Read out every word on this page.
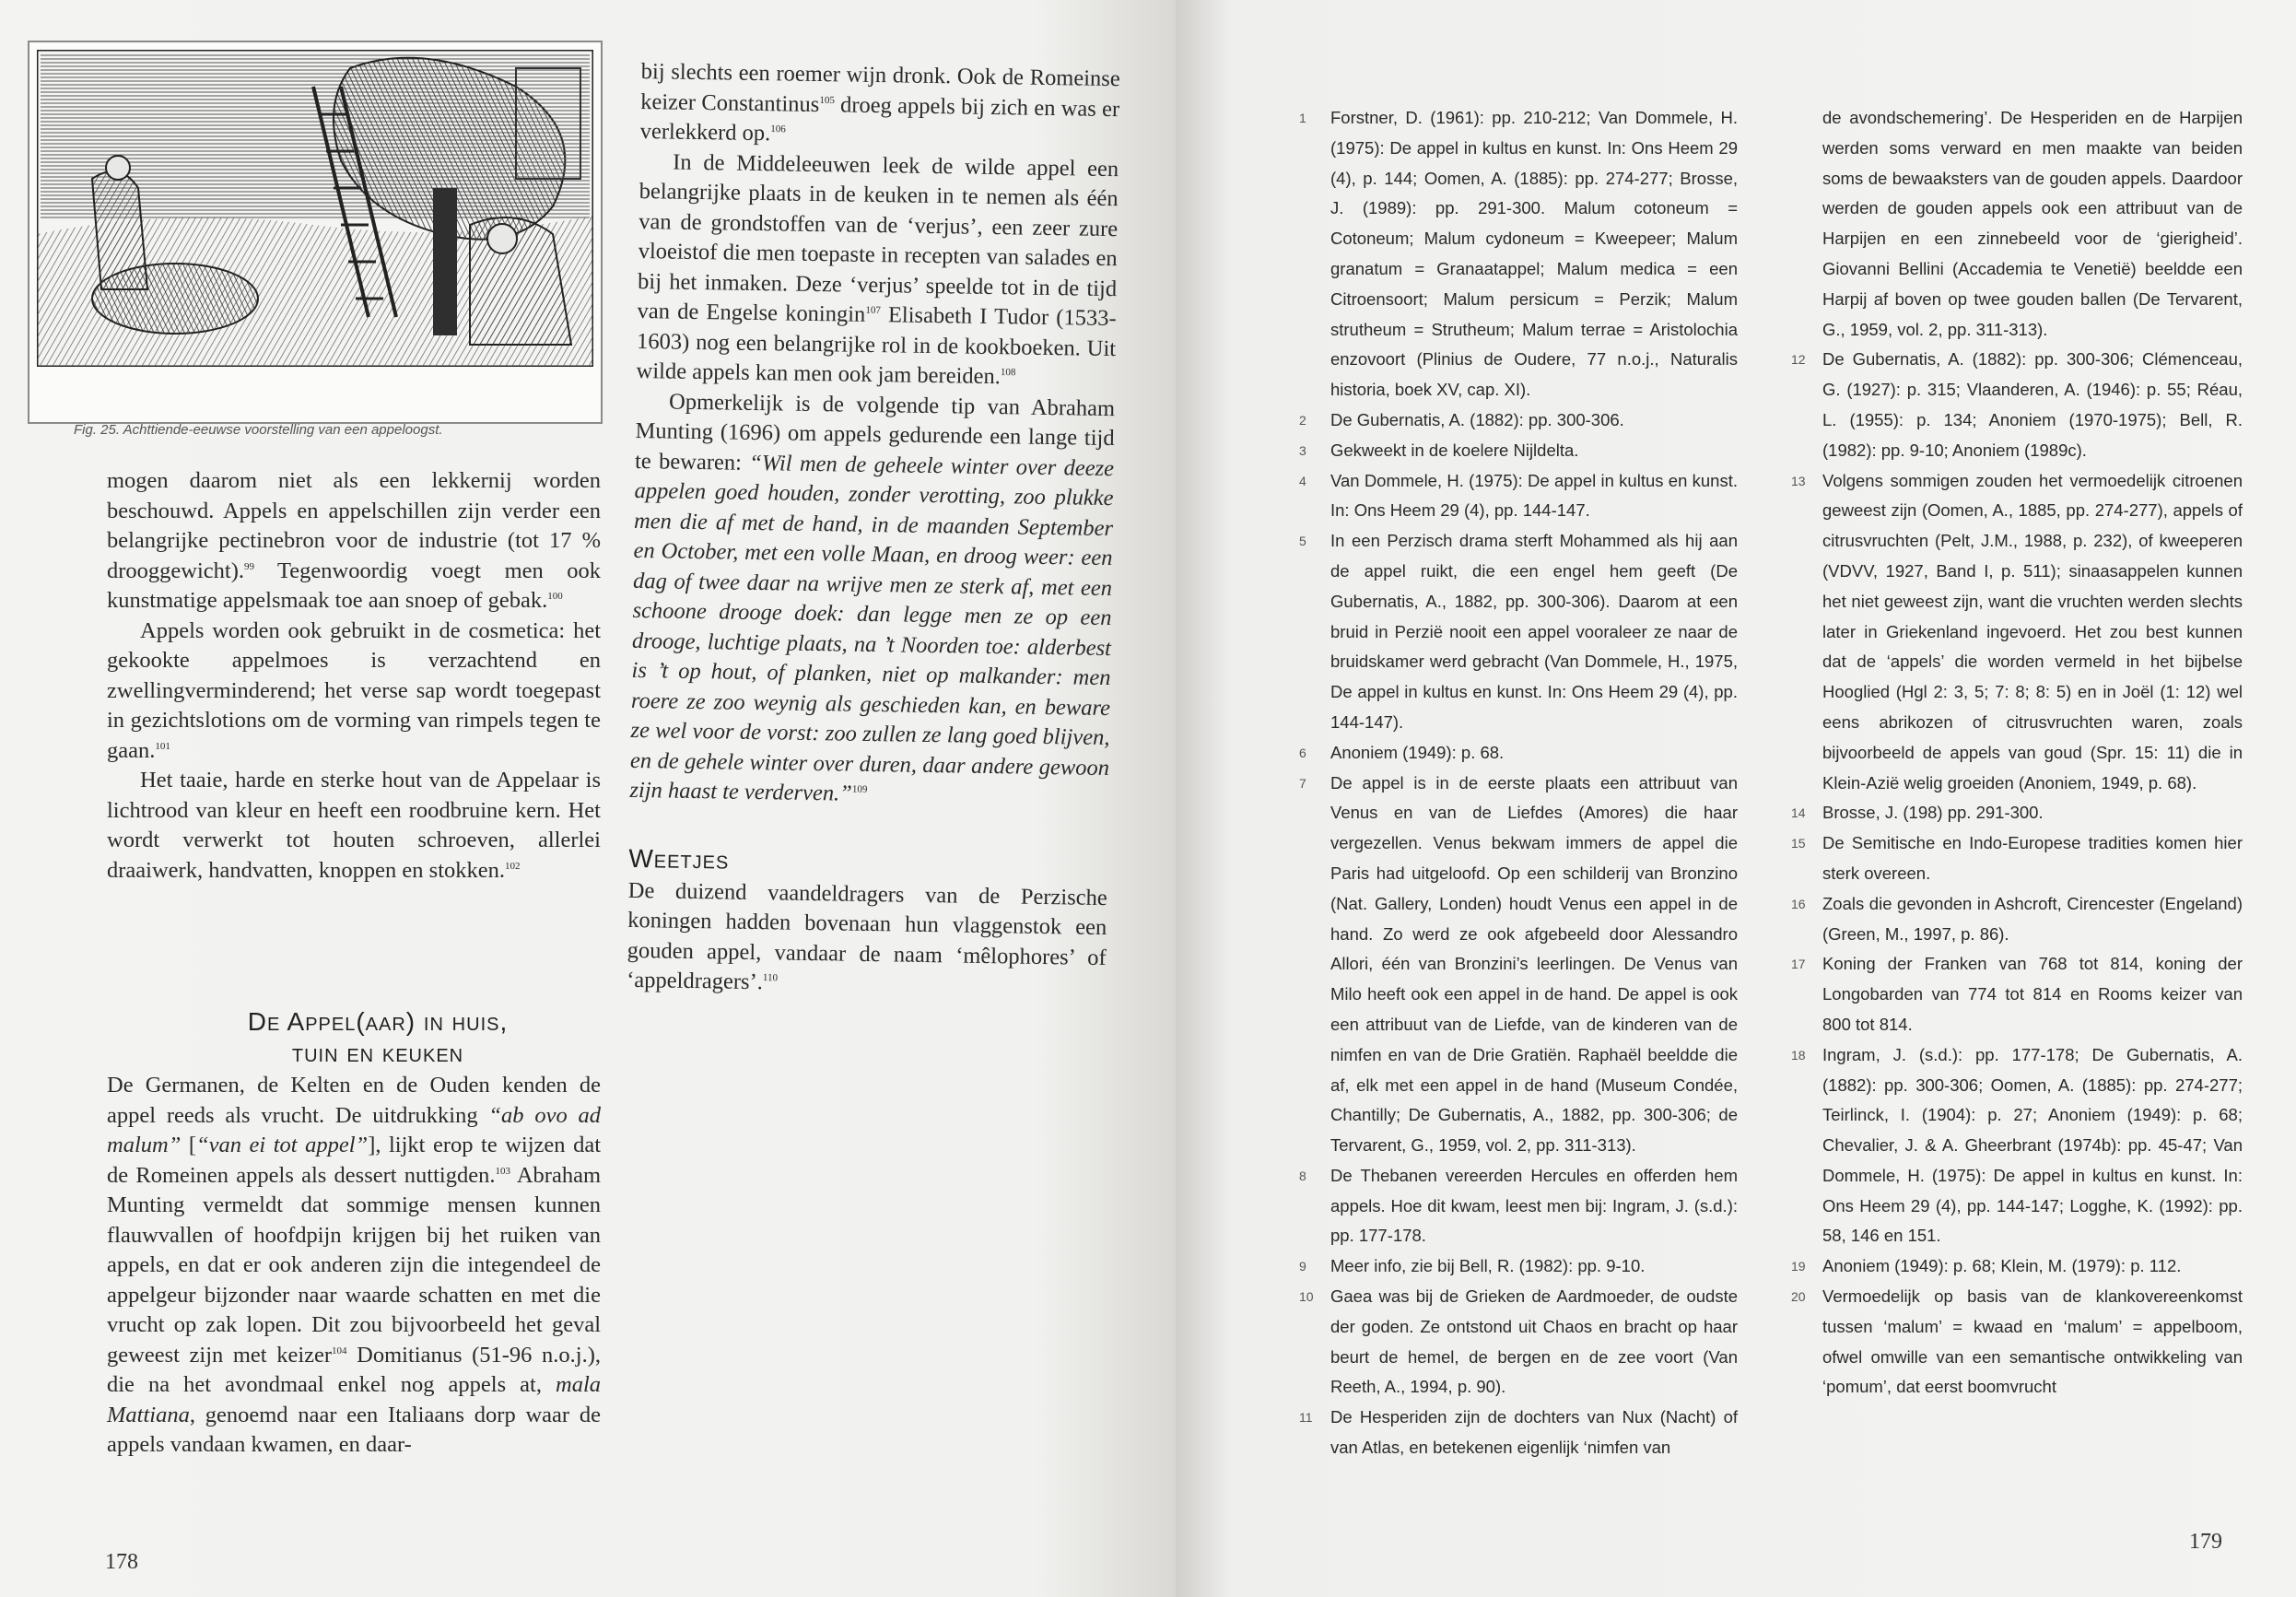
Fig. 25. Achttiende-eeuwse voorstelling van een appeloogst.

mogen daarom niet als een lekkernij worden beschouwd. Appels en appelschillen zijn verder een belangrijke pectinebron voor de industrie (tot 17 % drooggewicht).$^{99}$ Tegenwoordig voegt men ook kunstmatige appelsmaak toe aan snoep of gebak.$^{100}$

Appels worden ook gebruikt in de cosmetica: het gekookte appelmoes is verzachtend en zwellingverminderend; het verse sap wordt toegepast in gezichtslotions om de vorming van rimpels tegen te gaan.$^{101}$

Het taaie, harde en sterke hout van de Appelaar is lichtrood van kleur en heeft een roodbruine kern. Het wordt verwerkt tot houten schroeven, allerlei draaiwerk, handvatten, knoppen en stokken.$^{102}$

De Appel(aar) in huis,
tuin en keuken

De Germanen, de Kelten en de Ouden kenden de appel reeds als vrucht. De uitdrukking “ab ovo ad malum” [“van ei tot appel”], lijkt erop te wijzen dat de Romeinen appels als dessert nuttigden.$^{103}$ Abraham Munting vermeldt dat sommige mensen kunnen flauwvallen of hoofdpijn krijgen bij het ruiken van appels, en dat er ook anderen zijn die integendeel de appelgeur bijzonder naar waarde schatten en met die vrucht op zak lopen. Dit zou bijvoorbeeld het geval geweest zijn met keizer$^{104}$ Domitianus (51-96 n.o.j.), die na het avondmaal enkel nog appels at, mala Mattiana, genoemd naar een Italiaans dorp waar de appels vandaan kwamen, en daar-

bij slechts een roemer wijn dronk. Ook de Romeinse keizer Constantinus$^{105}$ droeg appels bij zich en was er verlekkerd op.$^{106}$

In de Middeleeuwen leek de wilde appel een belangrijke plaats in de keuken in te nemen als één van de grondstoffen van de ‘verjus’, een zeer zure vloeistof die men toepaste in recepten van salades en bij het inmaken. Deze ‘verjus’ speelde tot in de tijd van de Engelse koningin$^{107}$ Elisabeth I Tudor (1533-1603) nog een belangrijke rol in de kookboeken. Uit wilde appels kan men ook jam bereiden.$^{108}$

Opmerkelijk is de volgende tip van Abraham Munting (1696) om appels gedurende een lange tijd te bewaren: “Wil men de geheele winter over deeze appelen goed houden, zonder verotting, zoo plukke men die af met de hand, in de maanden September en October, met een volle Maan, en droog weer: een dag of twee daar na wrijve men ze sterk af, met een schoone drooge doek: dan legge men ze op een drooge, luchtige plaats, na ’t Noorden toe: alderbest is ’t op hout, of planken, niet op malkander: men roere ze zoo weynig als geschieden kan, en beware ze wel voor de vorst: zoo zullen ze lang goed blijven, en de gehele winter over duren, daar andere gewoon zijn haast te verderven.”$^{109}$

Weetjes

De duizend vaandeldragers van de Perzische koningen hadden bovenaan hun vlaggenstok een gouden appel, vandaar de naam ‘mêlophores’ of ‘appeldragers’.$^{110}$

178
1	Forstner, D. (1961): pp. 210-212; Van Dommele, H. (1975): De appel in kultus en kunst. In: Ons Heem 29 (4), p. 144; Oomen, A. (1885): pp. 274-277; Brosse, J. (1989): pp. 291-300. Malum cotoneum = Cotoneum; Malum cydoneum = Kweepeer; Malum granatum = Granaatappel; Malum medica = een Citroensoort; Malum persicum = Perzik; Malum strutheum = Strutheum; Malum terrae = Aristolochia enzovoort (Plinius de Oudere, 77 n.o.j., Naturalis historia, boek XV, cap. XI).
2	De Gubernatis, A. (1882): pp. 300-306.
3	Gekweekt in de koelere Nijldelta.
4	Van Dommele, H. (1975): De appel in kultus en kunst. In: Ons Heem 29 (4), pp. 144-147.
5	In een Perzisch drama sterft Mohammed als hij aan de appel ruikt, die een engel hem geeft (De Gubernatis, A., 1882, pp. 300-306). Daarom at een bruid in Perzië nooit een appel vooraleer ze naar de bruidskamer werd gebracht (Van Dommele, H., 1975, De appel in kultus en kunst. In: Ons Heem 29 (4), pp. 144-147).
6	Anoniem (1949): p. 68.
7	De appel is in de eerste plaats een attribuut van Venus en van de Liefdes (Amores) die haar vergezellen. Venus bekwam immers de appel die Paris had uitgeloofd. Op een schilderij van Bronzino (Nat. Gallery, Londen) houdt Venus een appel in de hand. Zo werd ze ook afgebeeld door Alessandro Allori, één van Bronzini’s leerlingen. De Venus van Milo heeft ook een appel in de hand. De appel is ook een attribuut van de Liefde, van de kinderen van de nimfen en van de Drie Gratiën. Raphaël beeldde die af, elk met een appel in de hand (Museum Condée, Chantilly; De Gubernatis, A., 1882, pp. 300-306; de Tervarent, G., 1959, vol. 2, pp. 311-313).
8	De Thebanen vereerden Hercules en offerden hem appels. Hoe dit kwam, leest men bij: Ingram, J. (s.d.): pp. 177-178.
9	Meer info, zie bij Bell, R. (1982): pp. 9-10.
10 Gaea was bij de Grieken de Aardmoeder, de oudste der goden. Ze ontstond uit Chaos en bracht op haar beurt de hemel, de bergen en de zee voort (Van Reeth, A., 1994, p. 90).
11	De Hesperiden zijn de dochters van Nux (Nacht) of van Atlas, en betekenen eigenlijk ‘nimfen van
de avondschemering’. De Hesperiden en de Harpijen werden soms verward en men maakte van beiden soms de bewaaksters van de gouden appels. Daardoor werden de gouden appels ook een attribuut van de Harpijen en een zinnebeeld voor de ‘gierigheid’. Giovanni Bellini (Accademia te Venetië) beeldde een Harpij af boven op twee gouden ballen (De Tervarent, G., 1959, vol. 2, pp. 311-313).
12 De Gubernatis, A. (1882): pp. 300-306; Clémenceau, G. (1927): p. 315; Vlaanderen, A. (1946): p. 55; Réau, L. (1955): p. 134; Anoniem (1970-1975); Bell, R. (1982): pp. 9-10; Anoniem (1989c).
13 Volgens sommigen zouden het vermoedelijk citroenen geweest zijn (Oomen, A., 1885, pp. 274-277), appels of citrusvruchten (Pelt, J.M., 1988, p. 232), of kweeperen (VDVV, 1927, Band I, p. 511); sinaasappelen kunnen het niet geweest zijn, want die vruchten werden slechts later in Griekenland ingevoerd. Het zou best kunnen dat de ‘appels’ die worden vermeld in het bijbelse Hooglied (Hgl 2: 3, 5; 7: 8; 8: 5) en in Joël (1: 12) wel eens abrikozen of citrusvruchten waren, zoals bijvoorbeeld de appels van goud (Spr. 15: 11) die in Klein-Azië welig groeiden (Anoniem, 1949, p. 68).
14 Brosse, J. (198) pp. 291-300.
15 De Semitische en Indo-Europese tradities komen hier sterk overeen.
16 Zoals die gevonden in Ashcroft, Cirencester (Engeland) (Green, M., 1997, p. 86).
17 Koning der Franken van 768 tot 814, koning der Longobarden van 774 tot 814 en Rooms keizer van 800 tot 814.
18 Ingram, J. (s.d.): pp. 177-178; De Gubernatis, A. (1882): pp. 300-306; Oomen, A. (1885): pp. 274-277; Teirlinck, I. (1904): p. 27; Anoniem (1949): p. 68; Chevalier, J. & A. Gheerbrant (1974b): pp. 45-47; Van Dommele, H. (1975): De appel in kultus en kunst. In: Ons Heem 29 (4), pp. 144-147; Logghe, K. (1992): pp. 58, 146 en 151.
19 Anoniem (1949): p. 68; Klein, M. (1979): p. 112.
20 Vermoedelijk op basis van de klankovereenkomst tussen ‘malum’ = kwaad en ‘malum’ = appelboom, ofwel omwille van een semantische ontwikkeling van ‘pomum’, dat eerst boomvrucht
179
